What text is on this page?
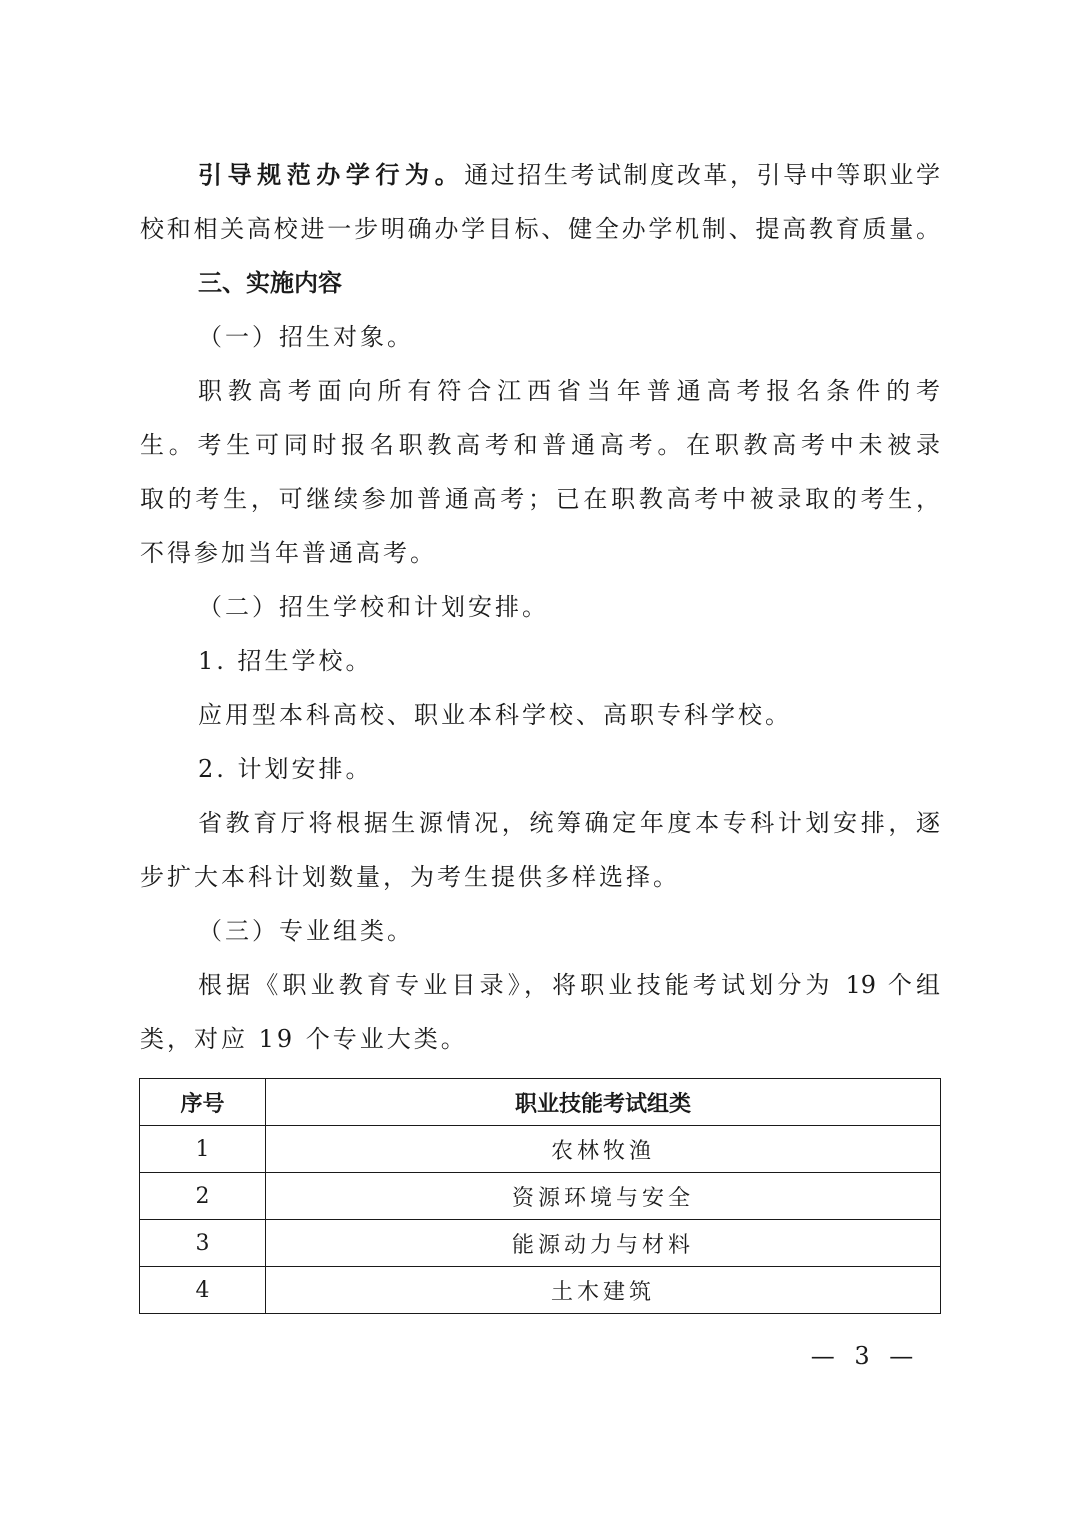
引导规范办学行为。通过招生考试制度改革，引导中等职业学
校和相关高校进一步明确办学目标、健全办学机制、提高教育质量。
三、实施内容
（一）招生对象。
职教高考面向所有符合江西省当年普通高考报名条件的考
生。考生可同时报名职教高考和普通高考。在职教高考中未被录
取的考生，可继续参加普通高考；已在职教高考中被录取的考生，
不得参加当年普通高考。
（二）招生学校和计划安排。
1. 招生学校。
应用型本科高校、职业本科学校、高职专科学校。
2. 计划安排。
省教育厅将根据生源情况，统筹确定年度本专科计划安排，逐
步扩大本科计划数量，为考生提供多样选择。
（三）专业组类。
根据《职业教育专业目录》，将职业技能考试划分为 19 个组
类，对应 19 个专业大类。
序号	职业技能考试组类
1	农林牧渔
2	资源环境与安全
3	能源动力与材料
4	土木建筑
— 3 —
